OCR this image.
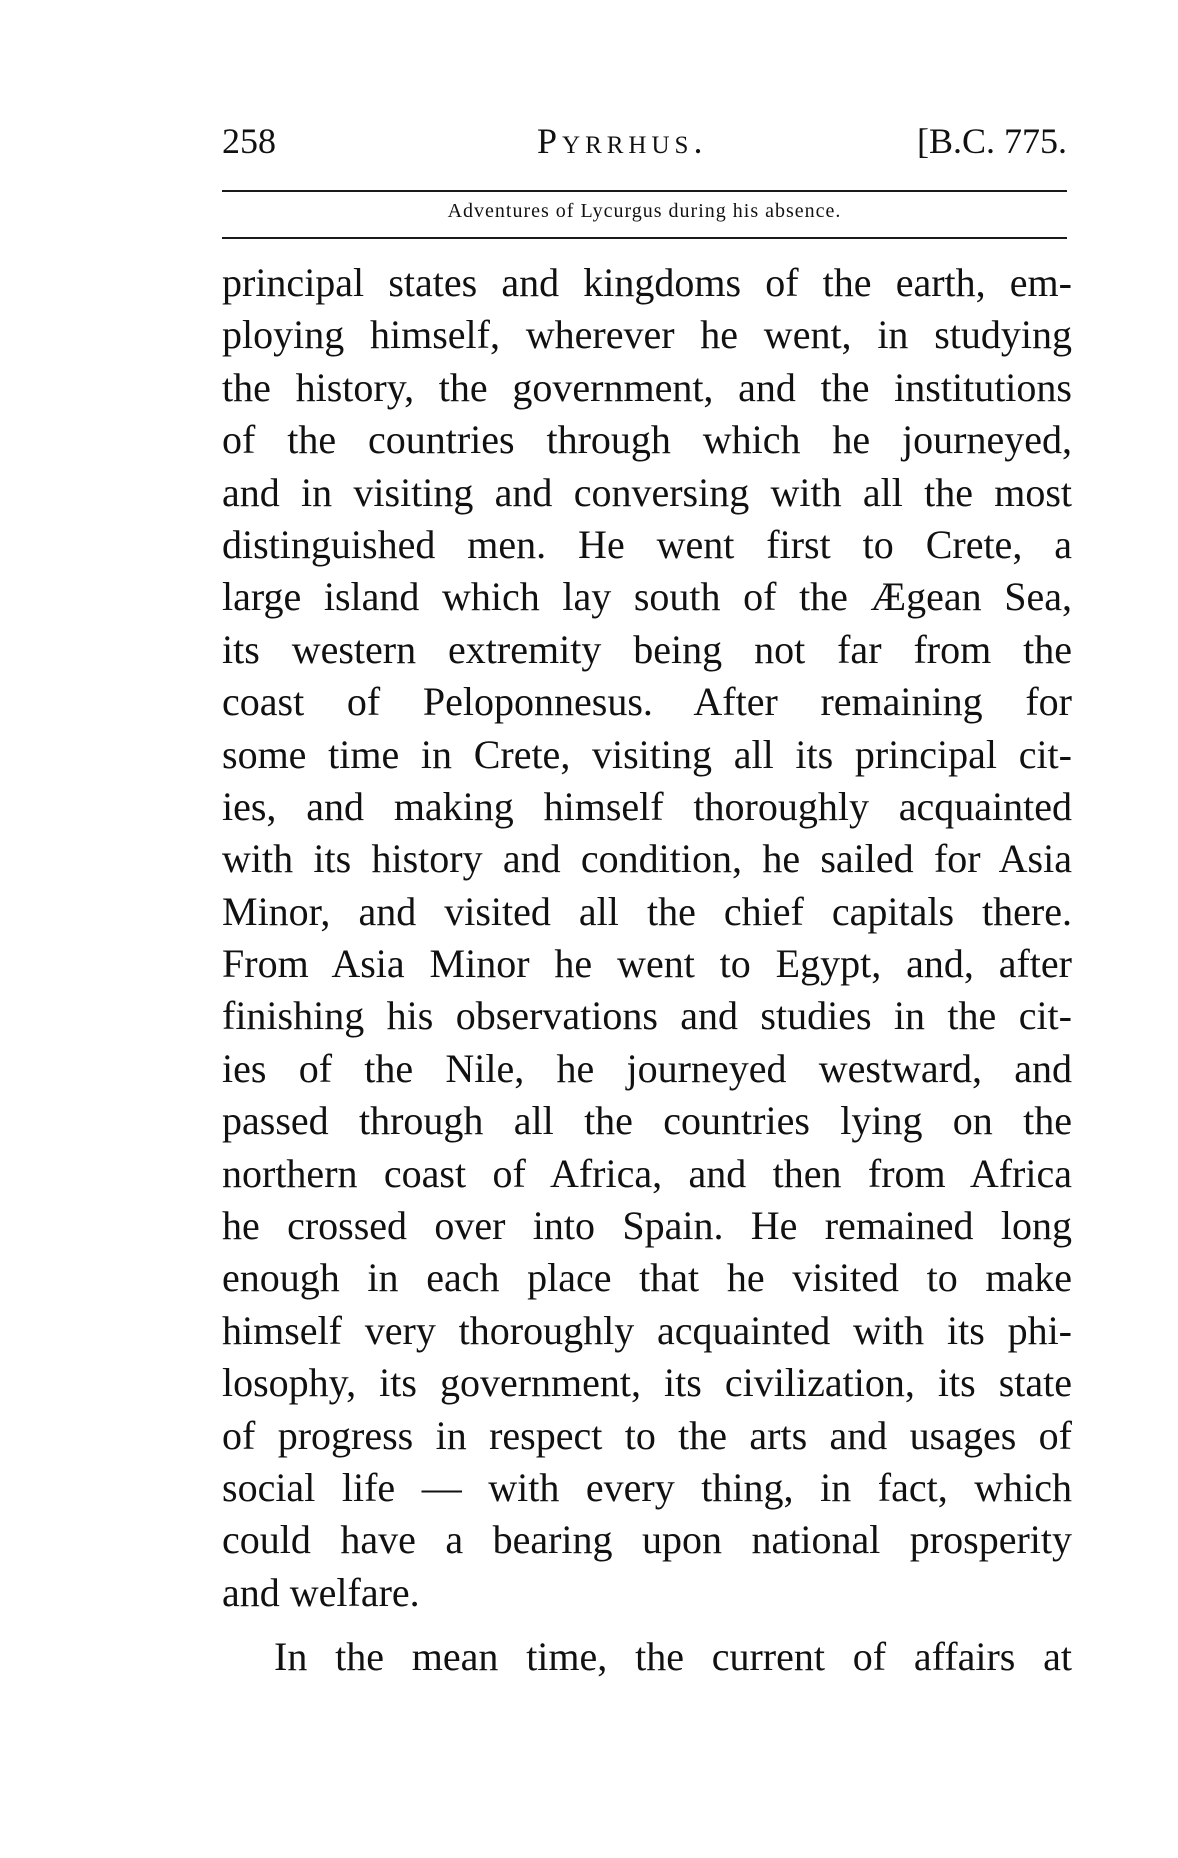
258	Pyrrhus.	[B.C. 775.
Adventures of Lycurgus during his absence.
principal states and kingdoms of the earth, em-
ploying himself, wherever he went, in studying
the history, the government, and the institutions
of the countries through which he journeyed,
and in visiting and conversing with all the most
distinguished men. He went first to Crete, a
large island which lay south of the Ægean Sea,
its western extremity being not far from the
coast of Peloponnesus. After remaining for
some time in Crete, visiting all its principal cit-
ies, and making himself thoroughly acquainted
with its history and condition, he sailed for Asia
Minor, and visited all the chief capitals there.
From Asia Minor he went to Egypt, and, after
finishing his observations and studies in the cit-
ies of the Nile, he journeyed westward, and
passed through all the countries lying on the
northern coast of Africa, and then from Africa
he crossed over into Spain. He remained long
enough in each place that he visited to make
himself very thoroughly acquainted with its phi-
losophy, its government, its civilization, its state
of progress in respect to the arts and usages of
social life — with every thing, in fact, which
could have a bearing upon national prosperity
and welfare.
In the mean time, the current of affairs at
